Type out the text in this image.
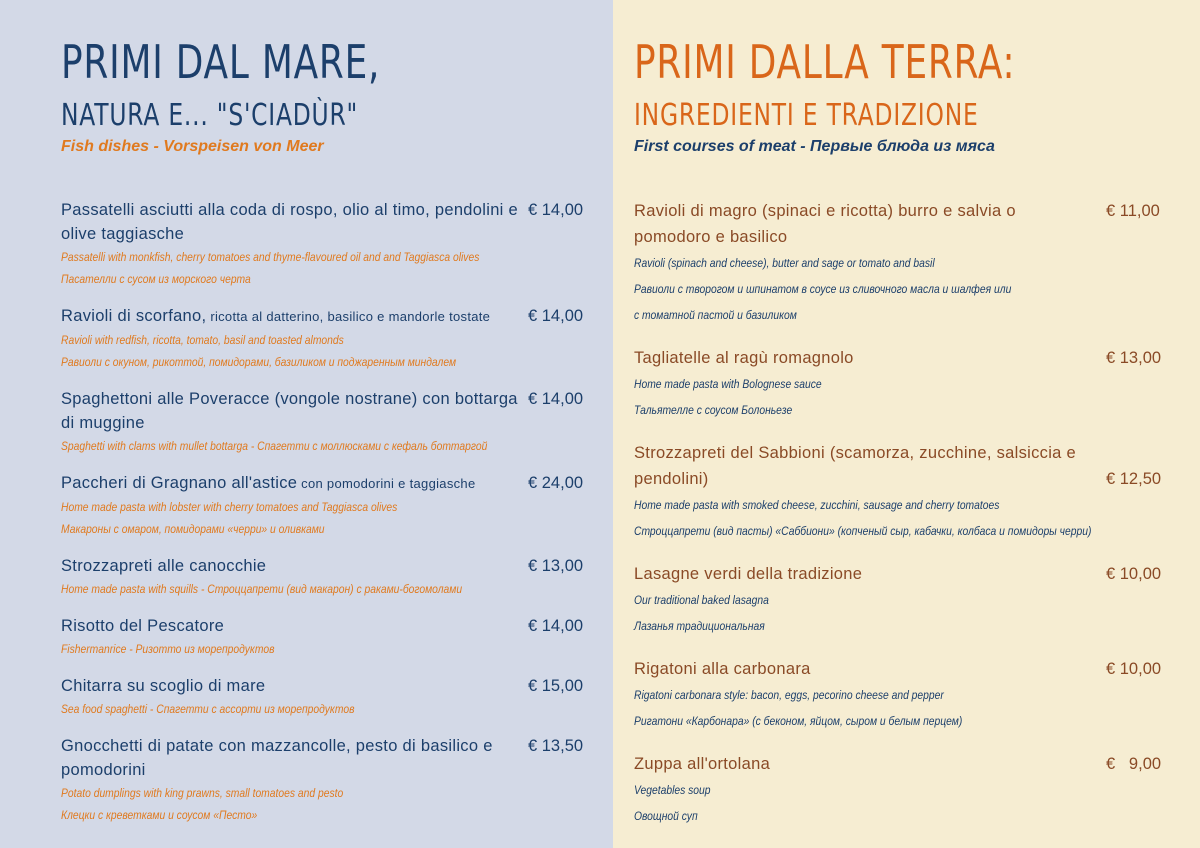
PRIMI DAL MARE,
NATURA E... "S'CIADÙR"
Fish dishes - Vorspeisen von Meer
Passatelli asciutti alla coda di rospo, olio al timo, pendolini e olive taggiasche
€ 14,00
Passatelli with monkfish, cherry tomatoes and thyme-flavoured oil and and Taggiasca olives
Пасателли с сусом из морского черта
Ravioli di scorfano, ricotta al datterino, basilico e mandorle tostate	€ 14,00
Ravioli with redfish, ricotta, tomato, basil and toasted almonds
Равиоли с окуном, рикоттой, помидорами, базиликом и поджаренным миндалем
Spaghettoni alle Poveracce (vongole nostrane) con bottarga di muggine
€ 14,00
Spaghetti with clams with mullet bottarga - Спагетти с моллюсками с кефаль боттаргой
Paccheri di Gragnano all'astice con pomodorini e taggiasche	€ 24,00
Home made pasta with lobster with cherry tomatoes and Taggiasca olives
Макароны с омаром, помидорами «черри» и оливками
Strozzapreti alle canocchie	€ 13,00
Home made pasta with squills - Строццапрети (вид макарон) с раками-богомолами
Risotto del Pescatore	€ 14,00
Fishermanrice - Ризотто из морепродуктов
Chitarra su scoglio di mare	€ 15,00
Sea food spaghetti - Спагетти с ассорти из морепродуктов
Gnocchetti di patate con mazzancolle, pesto di basilico e pomodorini
€ 13,50
Potato dumplings with king prawns, small tomatoes and pesto
Клецки с креветками и соусом «Песто»
PRIMI DALLA TERRA:
INGREDIENTI E TRADIZIONE
First courses of meat - Первые блюда из мяса
Ravioli di magro (spinaci e ricotta) burro e salvia o pomodoro e basilico
€ 11,00
Ravioli (spinach and cheese), butter and sage or tomato and basil
Равиоли с творогом и шпинатом в соусе из сливочного масла и шалфея или
с томатной пастой и базиликом
Tagliatelle al ragù romagnolo	€ 13,00
Home made pasta with Bolognese sauce
Тальятелле с соусом Болоньезе
Strozzapreti del Sabbioni (scamorza, zucchine, salsiccia e pendolini)	€ 12,50
Home made pasta with smoked cheese, zucchini, sausage and cherry tomatoes
Строццапрети (вид пасты) «Саббиони» (копченый сыр, кабачки, колбаса и помидоры черри)
Lasagne verdi della tradizione	€ 10,00
Our traditional baked lasagna
Лазанья традициональная
Rigatoni alla carbonara	€ 10,00
Rigatoni carbonara style: bacon, eggs, pecorino cheese and pepper
Ригатони «Карбонара» (с беконом, яйцом, сыром и белым перцем)
Zuppa all'ortolana	€   9,00
Vegetables soup
Овощной суп
